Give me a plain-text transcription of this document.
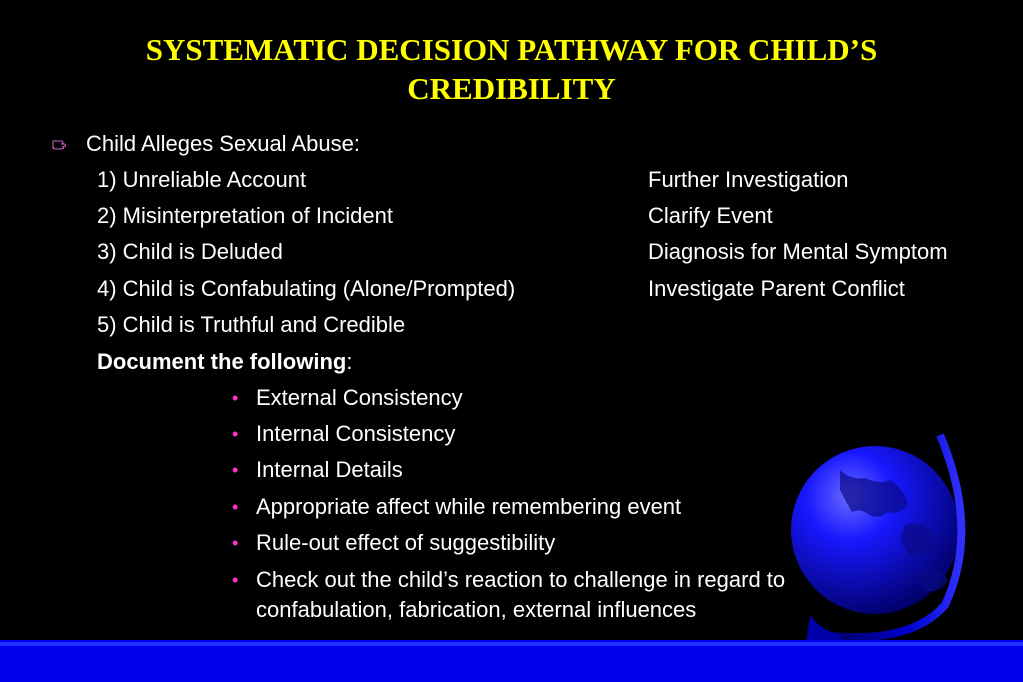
SYSTEMATIC DECISION PATHWAY FOR CHILD’S
CREDIBILITY
Child Alleges Sexual Abuse:
1) Unreliable Account	Further Investigation
2) Misinterpretation of Incident	Clarify Event
3) Child is Deluded	Diagnosis for Mental Symptom
4) Child is Confabulating (Alone/Prompted)	Investigate Parent Conflict
5) Child is Truthful and Credible
Document the following:
• External Consistency
• Internal Consistency
• Internal Details
• Appropriate affect while remembering event
• Rule-out effect of suggestibility
• Check out the child’s reaction to challenge in regard to
confabulation, fabrication, external influences
